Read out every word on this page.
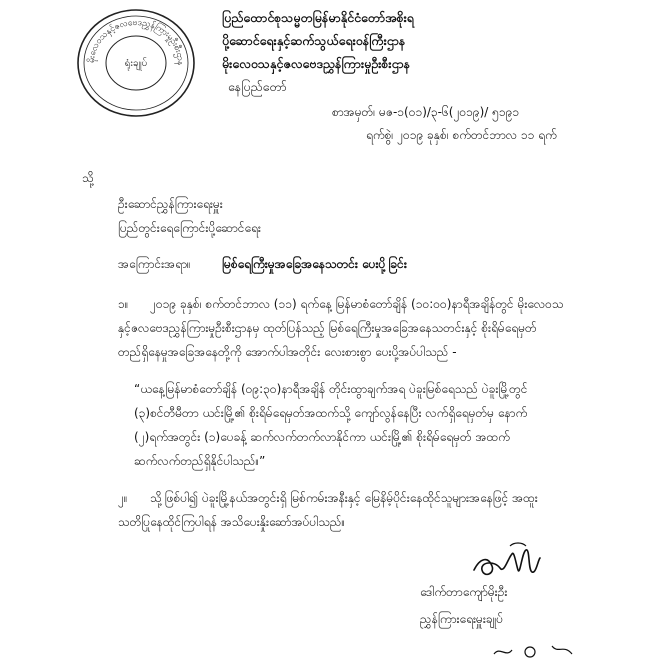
မိုးလေဝသနှင့်ဇလဗေဒညွှန်ကြားမှုဦးစီးဌာန
ရုံးချုပ်
ပြည်ထောင်စုသမ္မတမြန်မာနိုင်ငံတော်အစိုးရ
ပို့ဆောင်ရေးနှင့်ဆက်သွယ်ရေးဝန်ကြီးဌာန
မိုးလေဝသနှင့်ဇလဗေဒညွှန်ကြားမှုဦးစီးဌာန
နေပြည်တော်
စာအမှတ်၊ မဇ-၁(၀၁)/၃-၆(၂၀၁၉)/ ၅၁၉၁
ရက်စွဲ၊ ၂၀၁၉ ခုနှစ်၊ စက်တင်ဘာလ ၁၁ ရက်
သို့
ဦးဆောင်ညွှန်ကြားရေးမှူး
ပြည်တွင်းရေကြောင်းပို့ဆောင်ရေး
အကြောင်းအရာ။	မြစ်ရေကြီးမှုအခြေအနေသတင်း ပေးပို့ခြင်း
၁။ ၂၀၁၉ ခုနှစ်၊ စက်တင်ဘာလ (၁၁) ရက်နေ့ မြန်မာစံတော်ချိန် (၁၀:၀၀)နာရီအချိန်တွင် မိုးလေဝသ
နှင့်ဇလဗေဒညွှန်ကြားမှုဦးစီးဌာနမှ ထုတ်ပြန်သည့် မြစ်ရေကြီးမှုအခြေအနေသတင်းနှင့် စိုးရိမ်ရေမှတ်
တည်ရှိနေမှုအခြေအနေတို့ကို အောက်ပါအတိုင်း လေးစားစွာ ပေးပို့အပ်ပါသည် -
“ယနေ့မြန်မာစံတော်ချိန် (၀၉:၃၀)နာရီအချိန် တိုင်းထွာချက်အရ ပဲခူးမြစ်ရေသည် ပဲခူးမြို့တွင်
(၃)စင်တီမီတာ ယင်းမြို့၏ စိုးရိမ်ရေမှတ်အထက်သို့ ကျော်လွန်နေပြီး လက်ရှိရေမှတ်မှ နောက်
(၂)ရက်အတွင်း (၁)ပေခန့် ဆက်လက်တက်လာနိုင်ကာ ယင်းမြို့၏ စိုးရိမ်ရေမှတ် အထက်
ဆက်လက်တည်ရှိနိုင်ပါသည်။”
၂။ သို့ဖြစ်ပါ၍ ပဲခူးမြို့နယ်အတွင်းရှိ မြစ်ကမ်းအနီးနှင့် မြေနိမ့်ပိုင်းနေထိုင်သူများအနေဖြင့် အထူး
သတိပြုနေထိုင်ကြပါရန် အသိပေးနှိုးဆော်အပ်ပါသည်။
ဒေါက်တာကျော်မိုးဦး
ညွှန်ကြားရေးမှူးချုပ်
